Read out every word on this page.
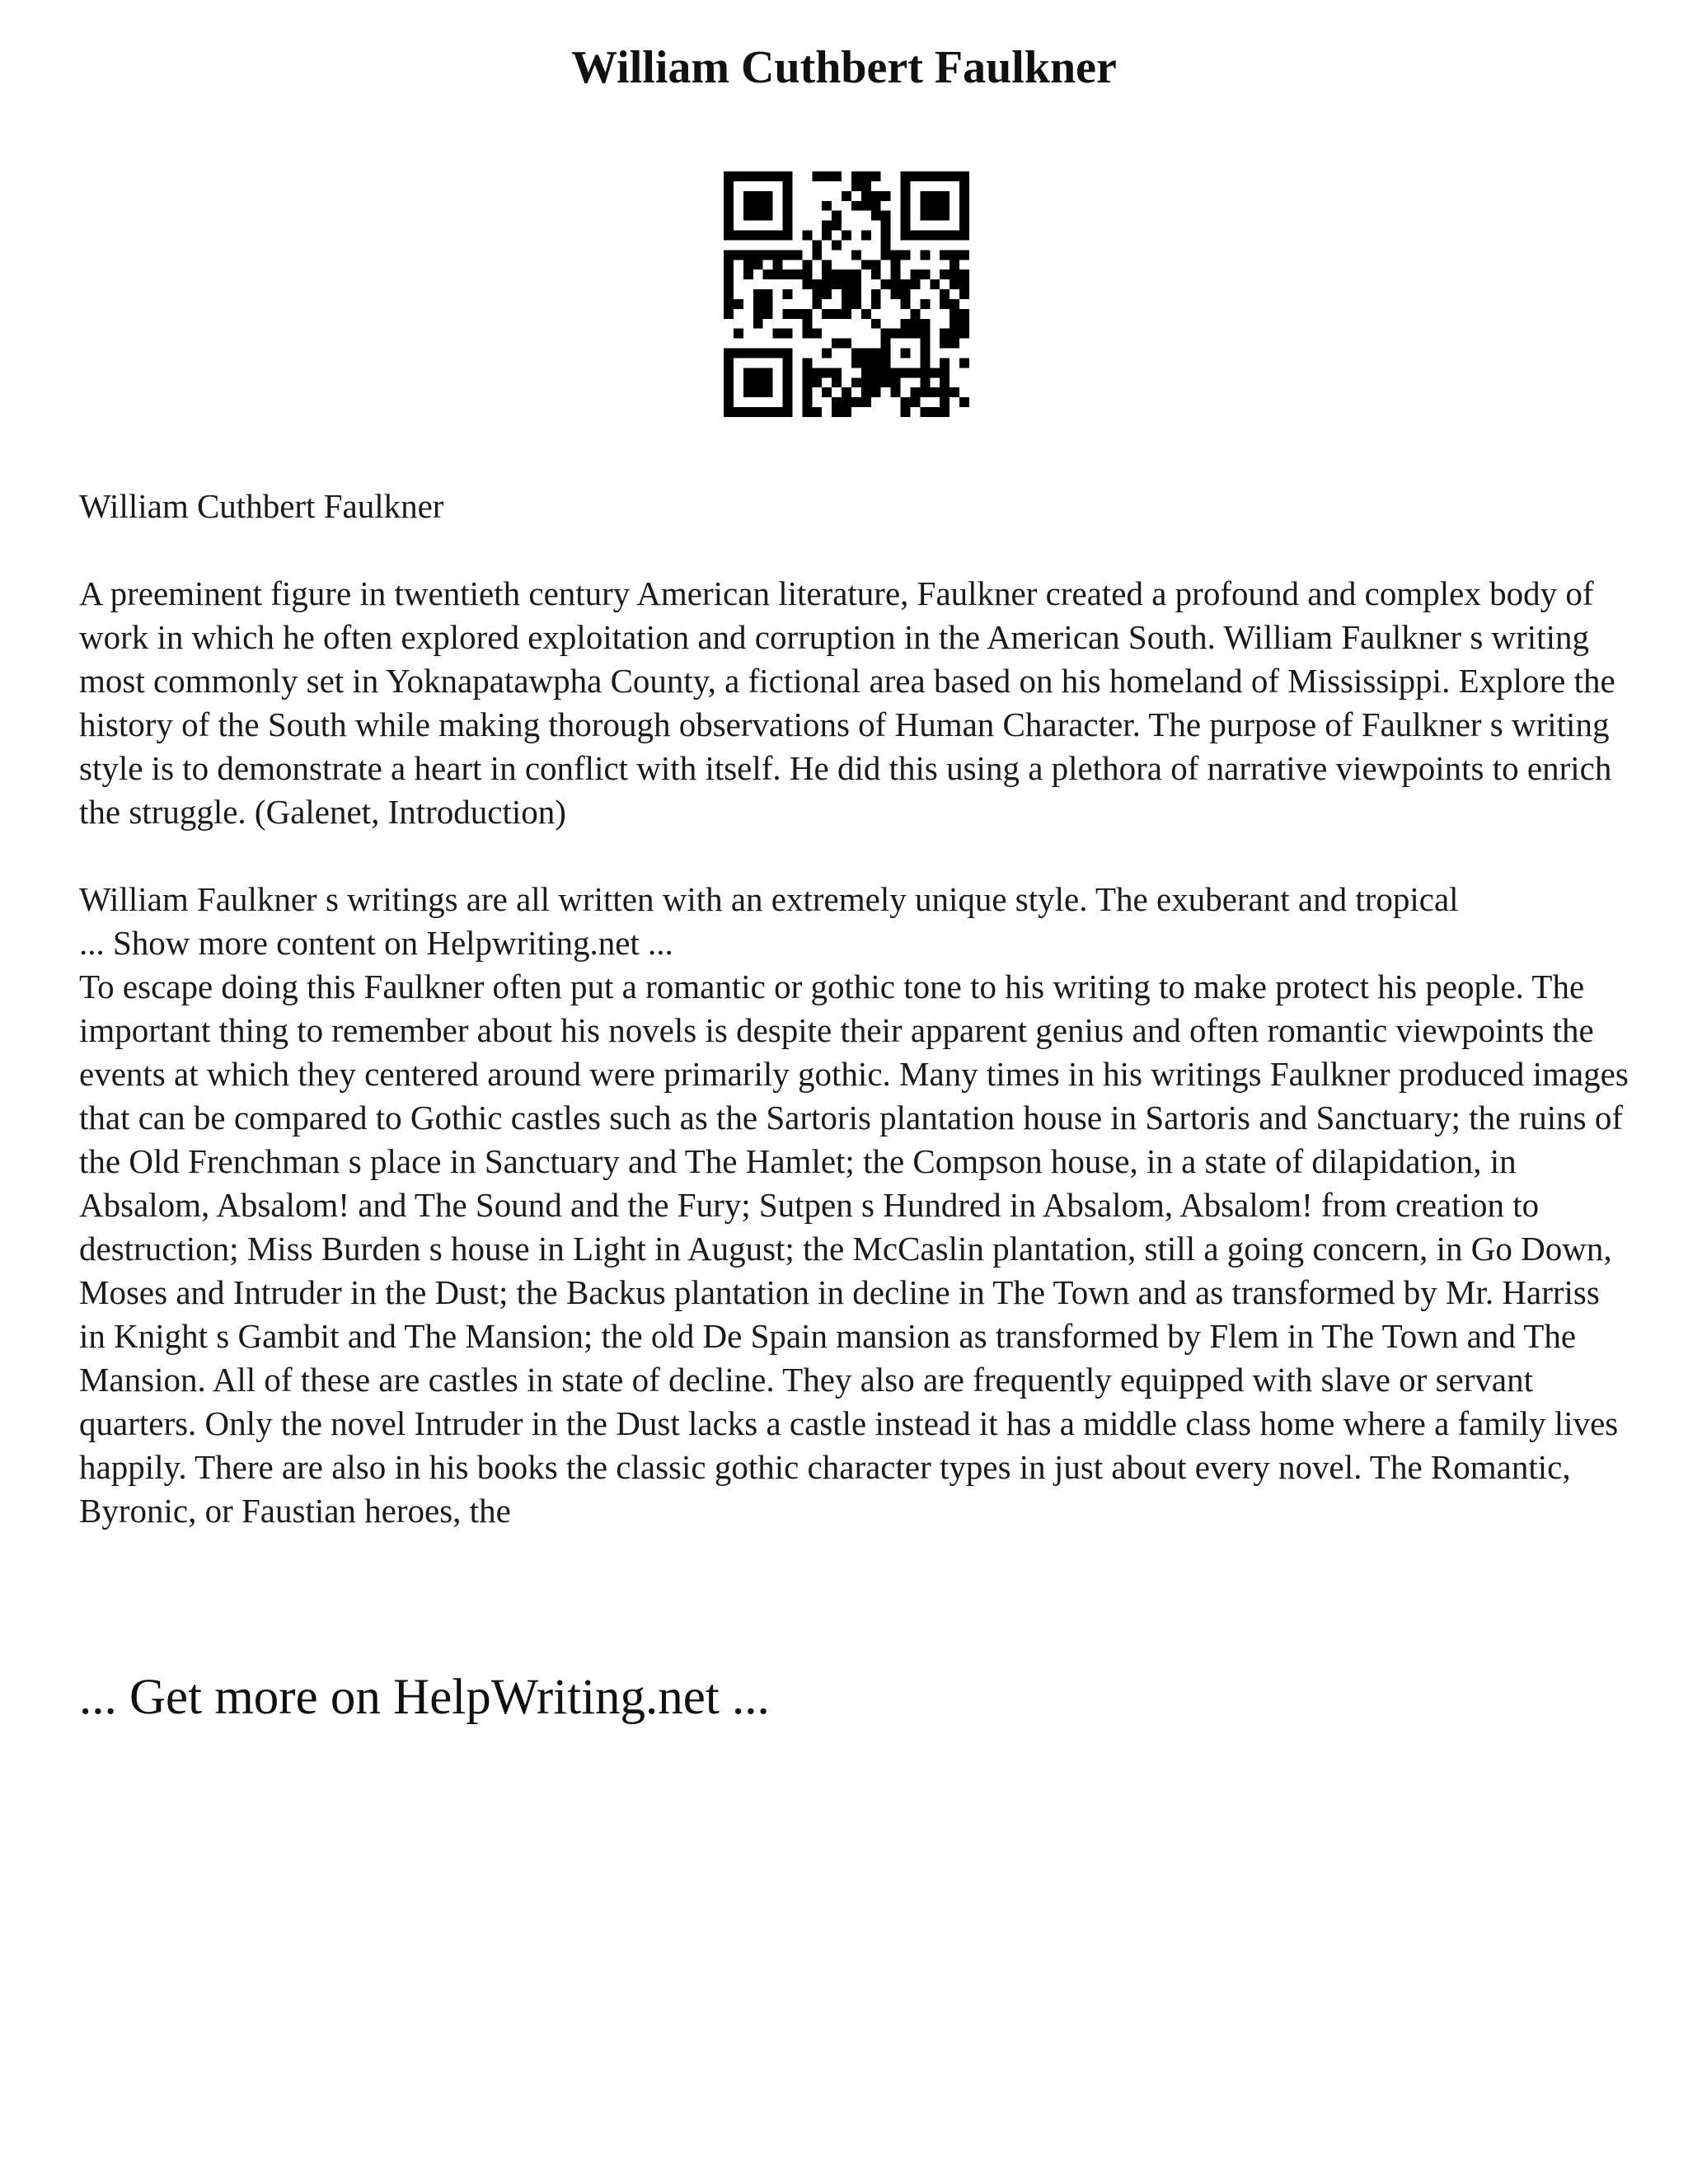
William Cuthbert Faulkner

William Cuthbert Faulkner

A preeminent figure in twentieth century American literature, Faulkner created a profound and complex body of work in which he often explored exploitation and corruption in the American South. William Faulkner s writing most commonly set in Yoknapatawpha County, a fictional area based on his homeland of Mississippi. Explore the history of the South while making thorough observations of Human Character. The purpose of Faulkner s writing style is to demonstrate a heart in conflict with itself. He did this using a plethora of narrative viewpoints to enrich the struggle. (Galenet, Introduction)

William Faulkner s writings are all written with an extremely unique style. The exuberant and tropical

... Show more content on Helpwriting.net ...

To escape doing this Faulkner often put a romantic or gothic tone to his writing to make protect his people. The important thing to remember about his novels is despite their apparent genius and often romantic viewpoints the events at which they centered around were primarily gothic. Many times in his writings Faulkner produced images that can be compared to Gothic castles such as the Sartoris plantation house in Sartoris and Sanctuary; the ruins of the Old Frenchman s place in Sanctuary and The Hamlet; the Compson house, in a state of dilapidation, in Absalom, Absalom! and The Sound and the Fury; Sutpen s Hundred in Absalom, Absalom! from creation to destruction; Miss Burden s house in Light in August; the McCaslin plantation, still a going concern, in Go Down, Moses and Intruder in the Dust; the Backus plantation in decline in The Town and as transformed by Mr. Harriss in Knight s Gambit and The Mansion; the old De Spain mansion as transformed by Flem in The Town and The Mansion. All of these are castles in state of decline. They also are frequently equipped with slave or servant quarters. Only the novel Intruder in the Dust lacks a castle instead it has a middle class home where a family lives happily. There are also in his books the classic gothic character types in just about every novel. The Romantic, Byronic, or Faustian heroes, the

... Get more on HelpWriting.net ...
